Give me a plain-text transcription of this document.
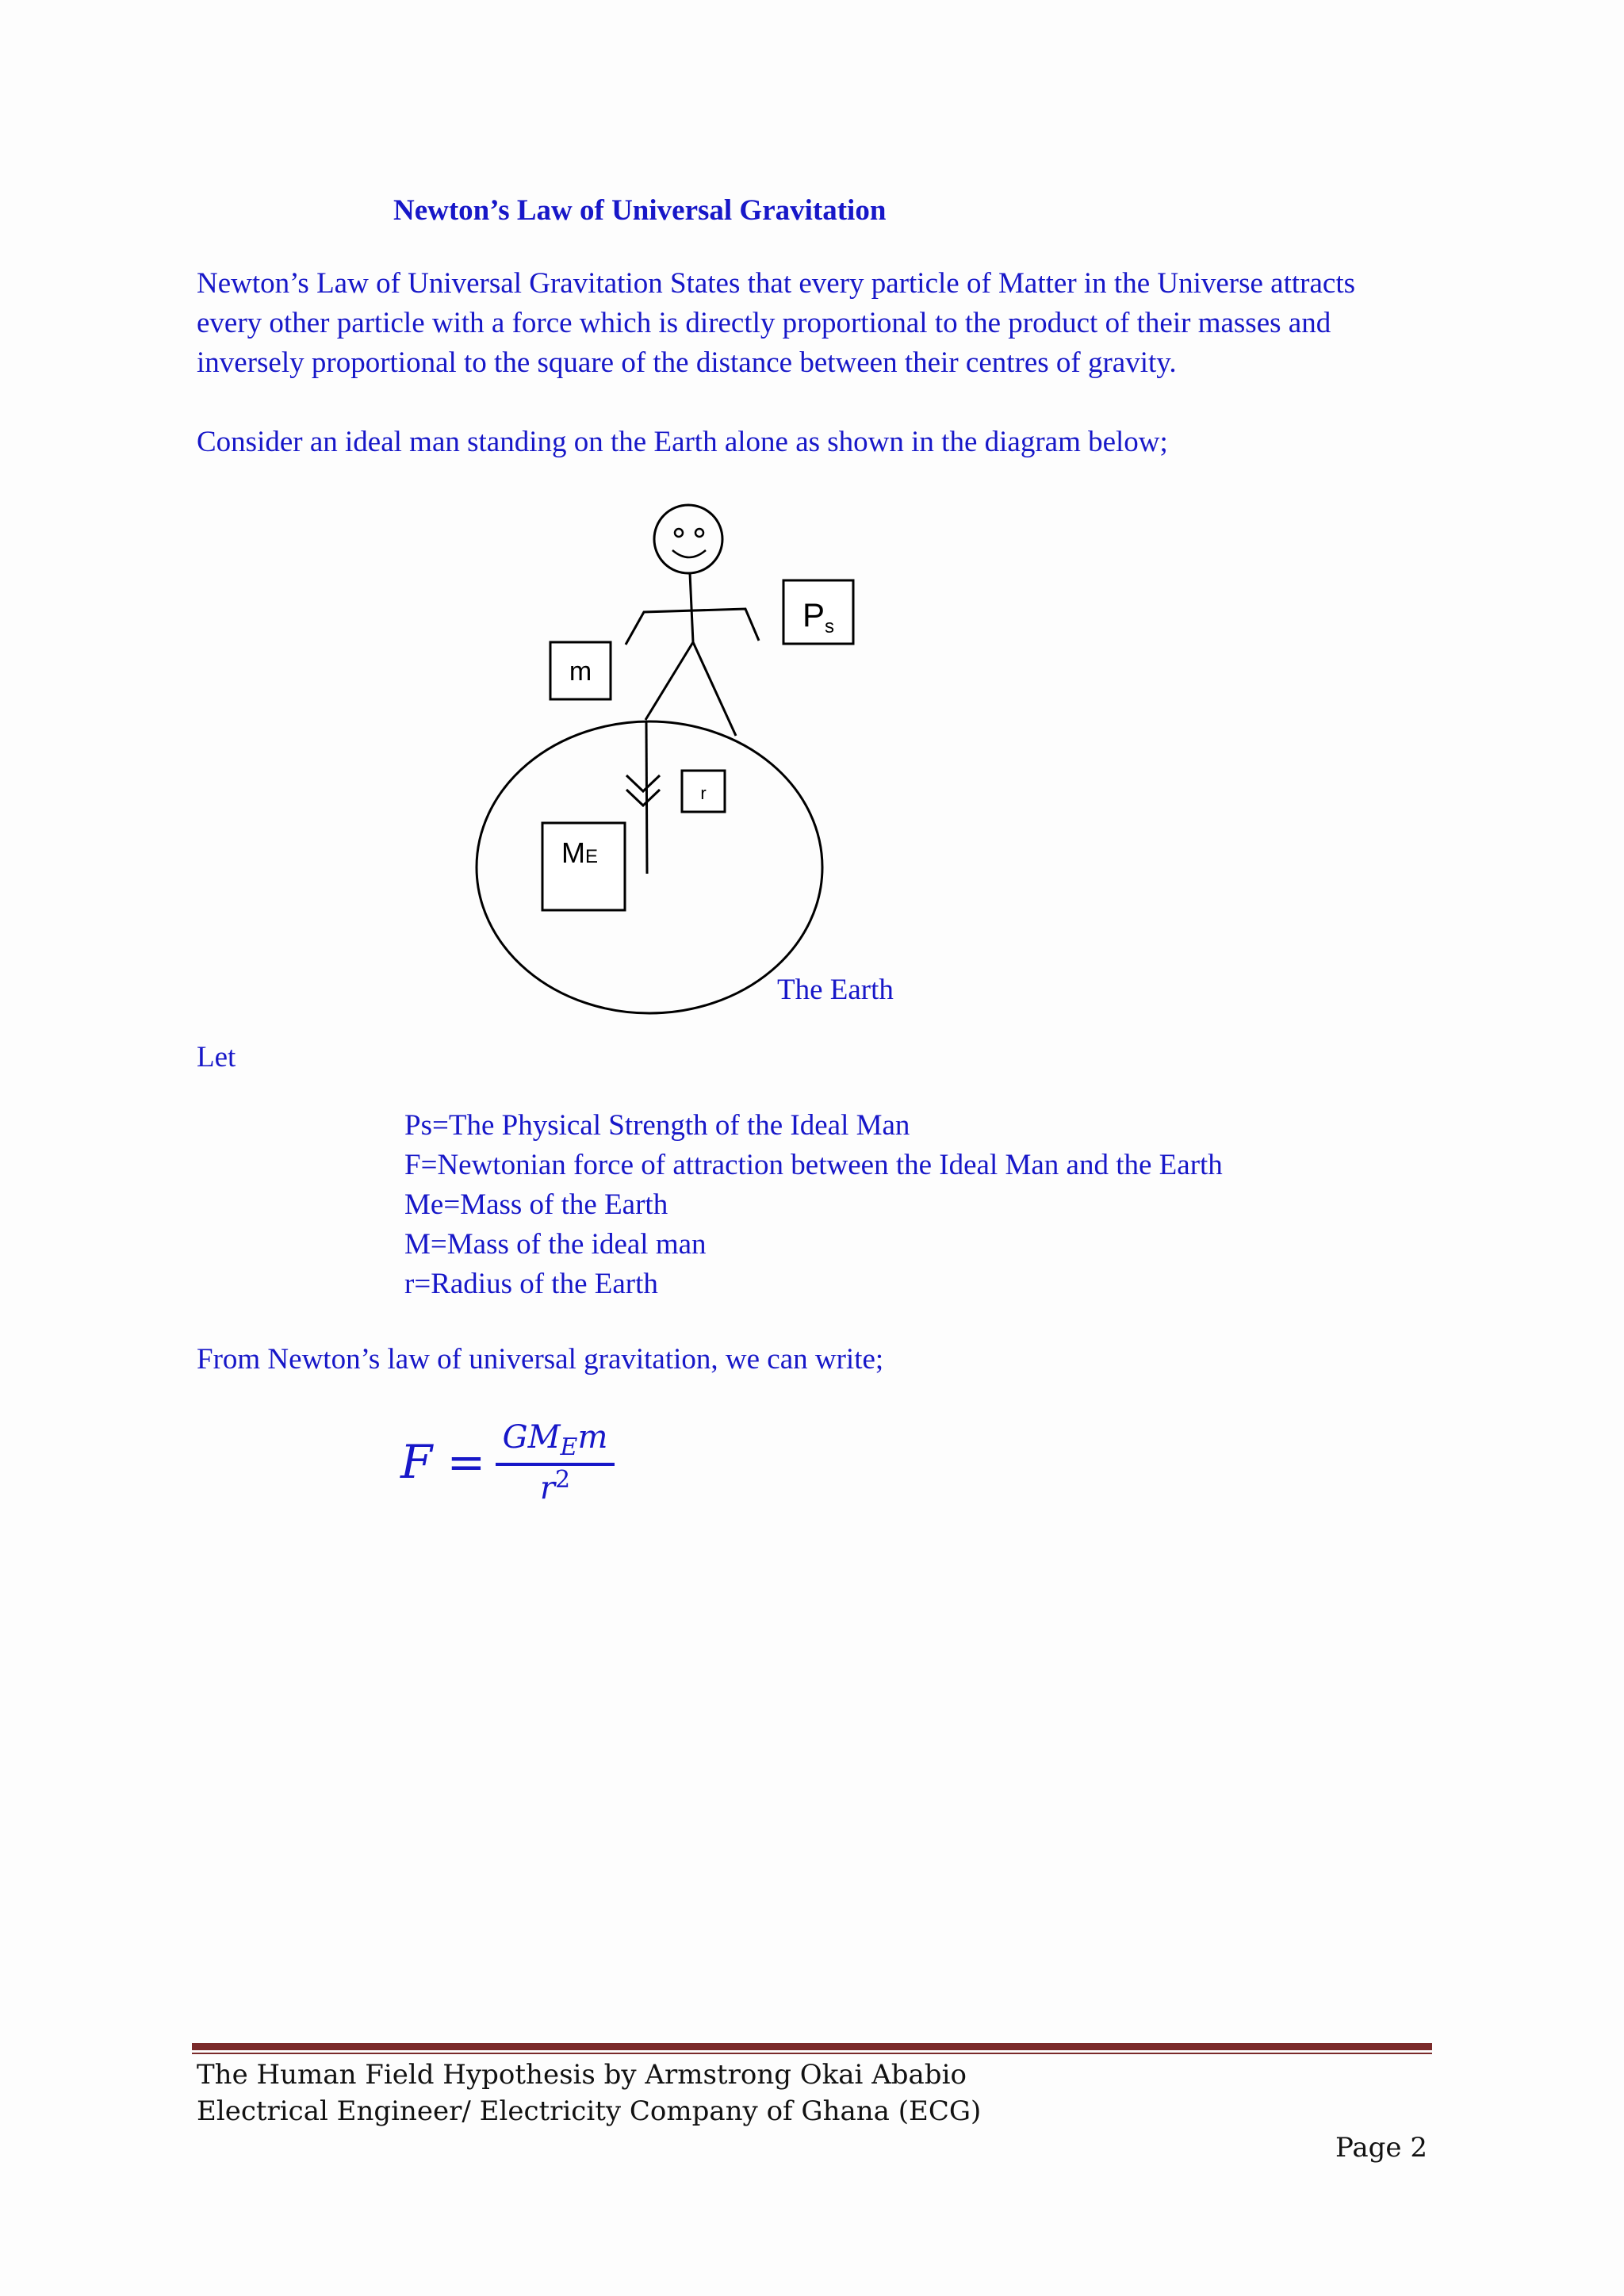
Newton’s Law of Universal Gravitation
Newton’s Law of Universal Gravitation States that every particle of Matter in the Universe attracts
every other particle with a force which is directly proportional to the product of their masses and
inversely proportional to the square of the distance between their centres of gravity.
Consider an ideal man standing on the Earth alone as shown in the diagram below;
m
Ps
r
ME
The Earth
Let
Ps=The Physical Strength of the Ideal Man
F=Newtonian force of attraction between the Ideal Man and the Earth
Me=Mass of the Earth
M=Mass of the ideal man
r=Radius of the Earth
From Newton’s law of universal gravitation, we can write;
$F = GM_Em$
$r^2$
The Human Field Hypothesis by Armstrong Okai Ababio
Electrical Engineer/ Electricity Company of Ghana (ECG)
Page 2
